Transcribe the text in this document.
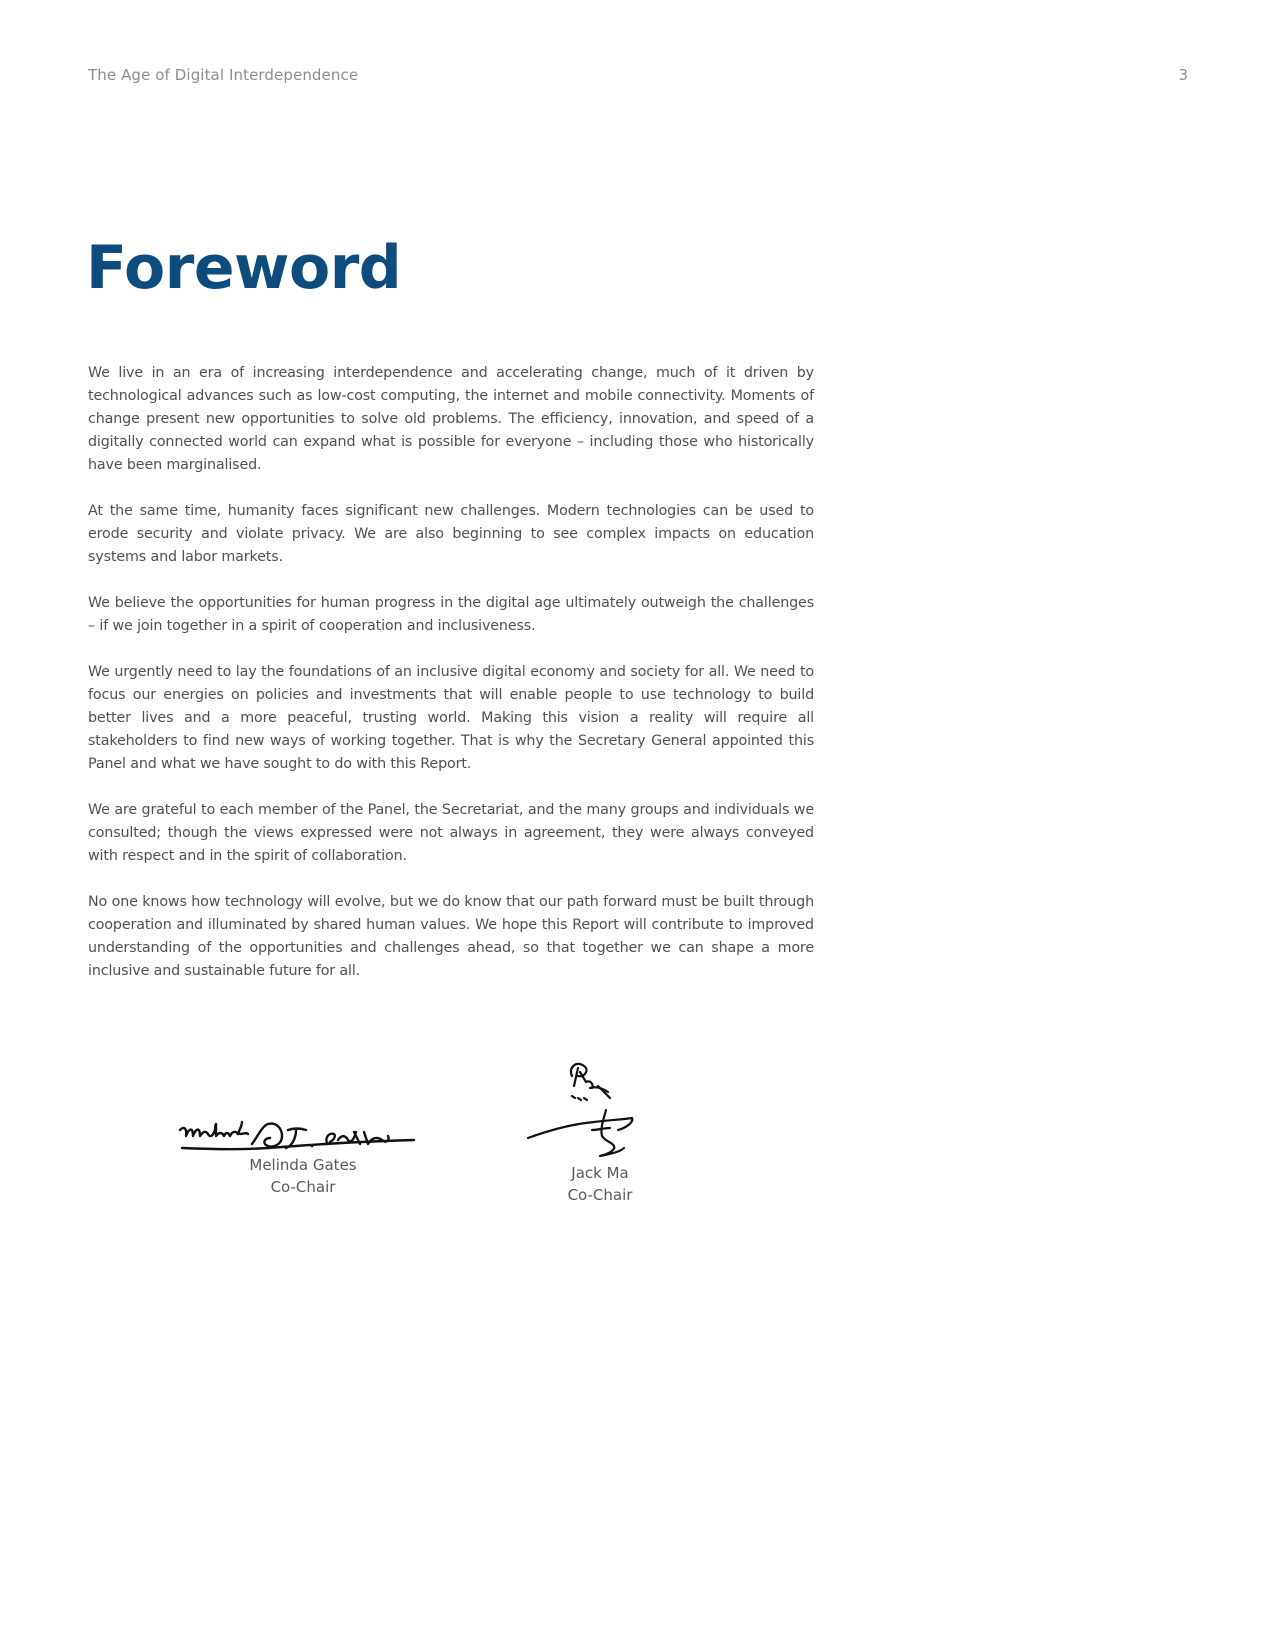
The Age of Digital Interdependence	3
Foreword

We live in an era of increasing interdependence and accelerating change, much of it driven by technological advances such as low-cost computing, the internet and mobile connectivity. Moments of change present new opportunities to solve old problems. The efficiency, innovation, and speed of a digitally connected world can expand what is possible for everyone – including those who historically have been marginalised.

At the same time, humanity faces significant new challenges. Modern technologies can be used to erode security and violate privacy. We are also beginning to see complex impacts on education systems and labor markets.

We believe the opportunities for human progress in the digital age ultimately outweigh the challenges – if we join together in a spirit of cooperation and inclusiveness.

We urgently need to lay the foundations of an inclusive digital economy and society for all. We need to focus our energies on policies and investments that will enable people to use technology to build better lives and a more peaceful, trusting world. Making this vision a reality will require all stakeholders to find new ways of working together. That is why the Secretary General appointed this Panel and what we have sought to do with this Report.

We are grateful to each member of the Panel, the Secretariat, and the many groups and individuals we consulted; though the views expressed were not always in agreement, they were always conveyed with respect and in the spirit of collaboration.

No one knows how technology will evolve, but we do know that our path forward must be built through cooperation and illuminated by shared human values. We hope this Report will contribute to improved understanding of the opportunities and challenges ahead, so that together we can shape a more inclusive and sustainable future for all.

Melinda Gates
Co-Chair
Jack Ma
Co-Chair
